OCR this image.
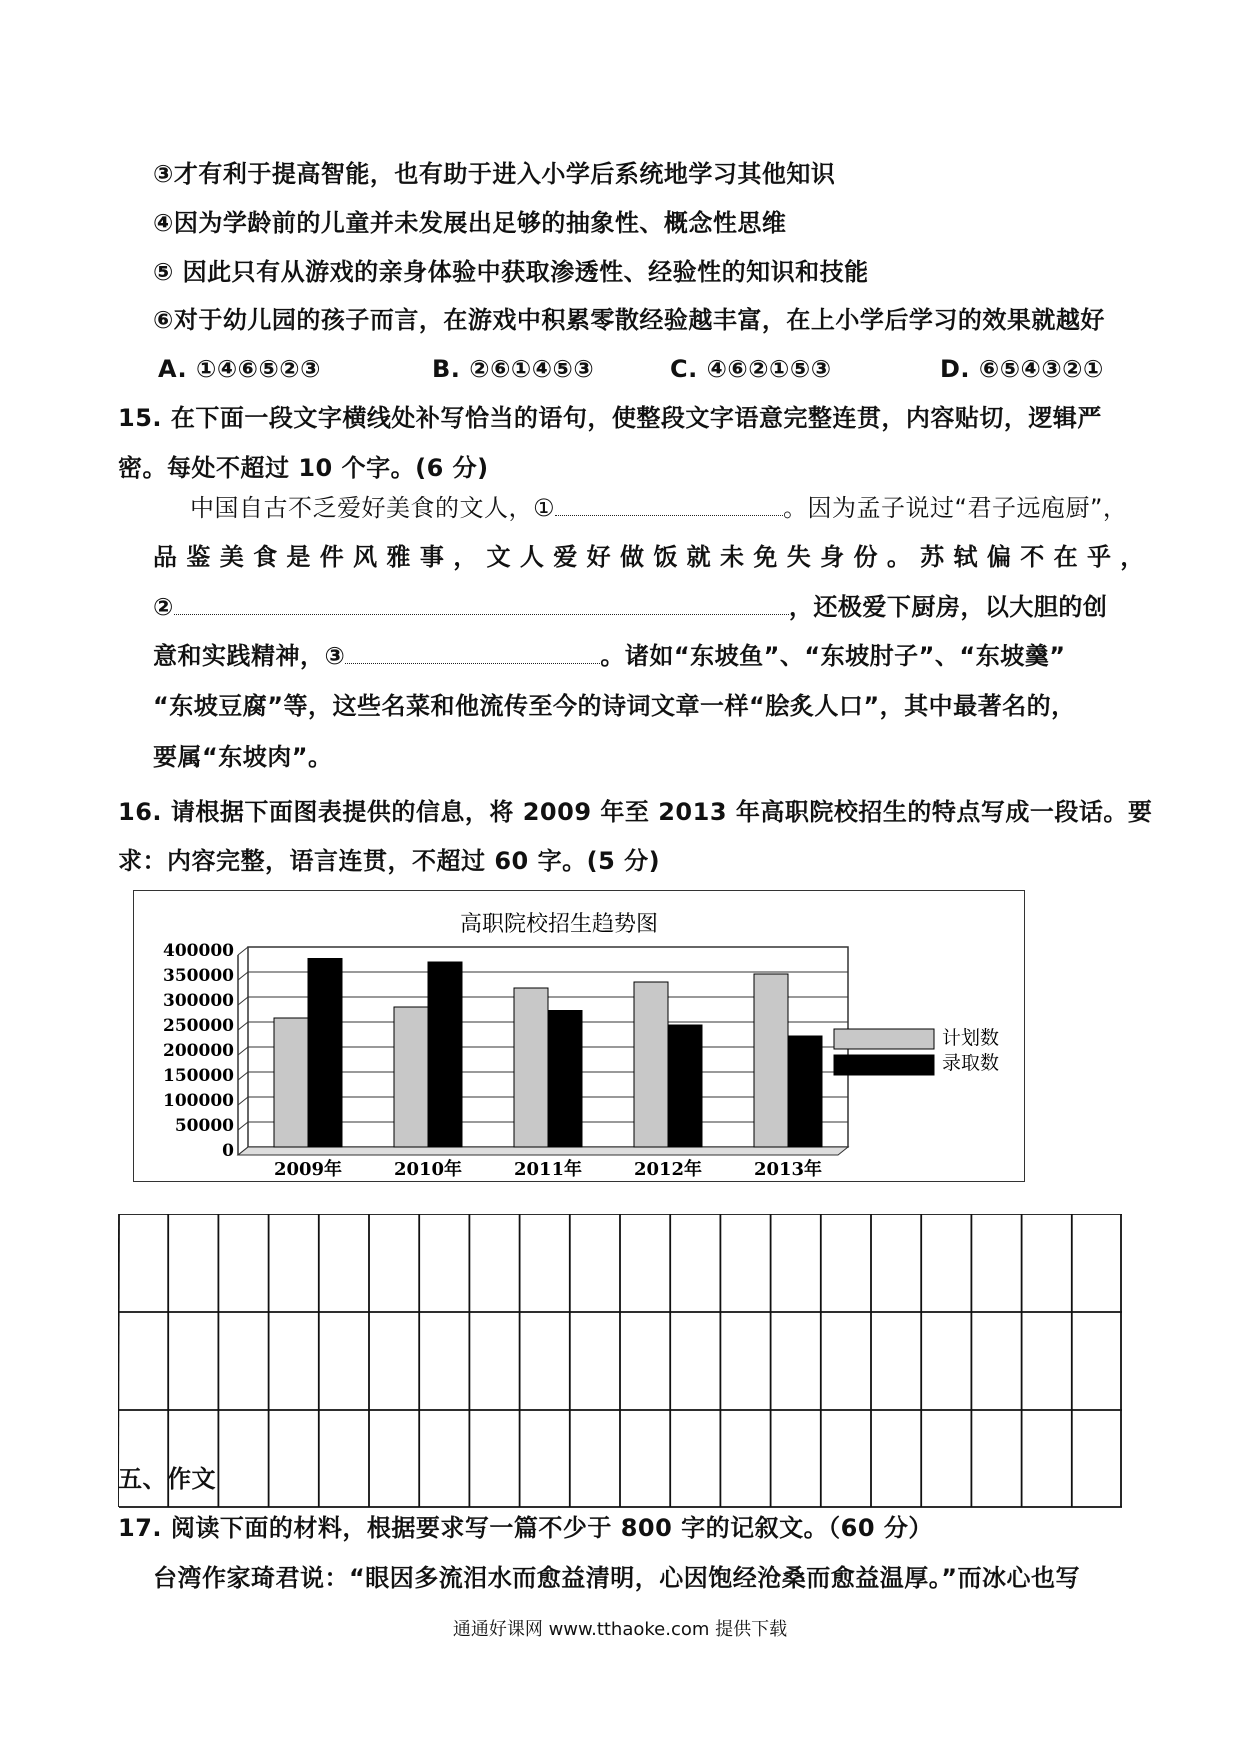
③才有利于提高智能，也有助于进入小学后系统地学习其他知识
④因为学龄前的儿童并未发展出足够的抽象性、概念性思维
⑤ 因此只有从游戏的亲身体验中获取渗透性、经验性的知识和技能
⑥对于幼儿园的孩子而言，在游戏中积累零散经验越丰富，在上小学后学习的效果就越好
A. ①④⑥⑤②③	B. ②⑥①④⑤③	C. ④⑥②①⑤③	D. ⑥⑤④③②①
15. 在下面一段文字横线处补写恰当的语句，使整段文字语意完整连贯，内容贴切，逻辑严
密。每处不超过 10 个字。(6 分)
中国自古不乏爱好美食的文人，①	。因为孟子说过“君子远庖厨”，
品 鉴 美 食 是 件 风 雅 事 ， 文 人 爱 好 做 饭 就 未 免 失 身 份 。 苏 轼 偏 不 在 乎 ，
②	，还极爱下厨房，以大胆的创
意和实践精神，③	。诸如“东坡鱼”、“东坡肘子”、“东坡羹”
“东坡豆腐”等，这些名菜和他流传至今的诗词文章一样“脍炙人口”，其中最著名的，
要属“东坡肉”。
16. 请根据下面图表提供的信息，将 2009 年至 2013 年高职院校招生的特点写成一段话。要
求：内容完整，语言连贯，不超过 60 字。(5 分)
高职院校招生趋势图
计划数
录取数
400000
350000
300000
250000
200000
150000
100000
50000
0
2009年	2010年	2011年	2012年	2013年
五、作文
17. 阅读下面的材料，根据要求写一篇不少于 800 字的记叙文。（60 分）
台湾作家琦君说：“眼因多流泪水而愈益清明，心因饱经沧桑而愈益温厚。”而冰心也写
通通好课网 www.tthaoke.com 提供下载
